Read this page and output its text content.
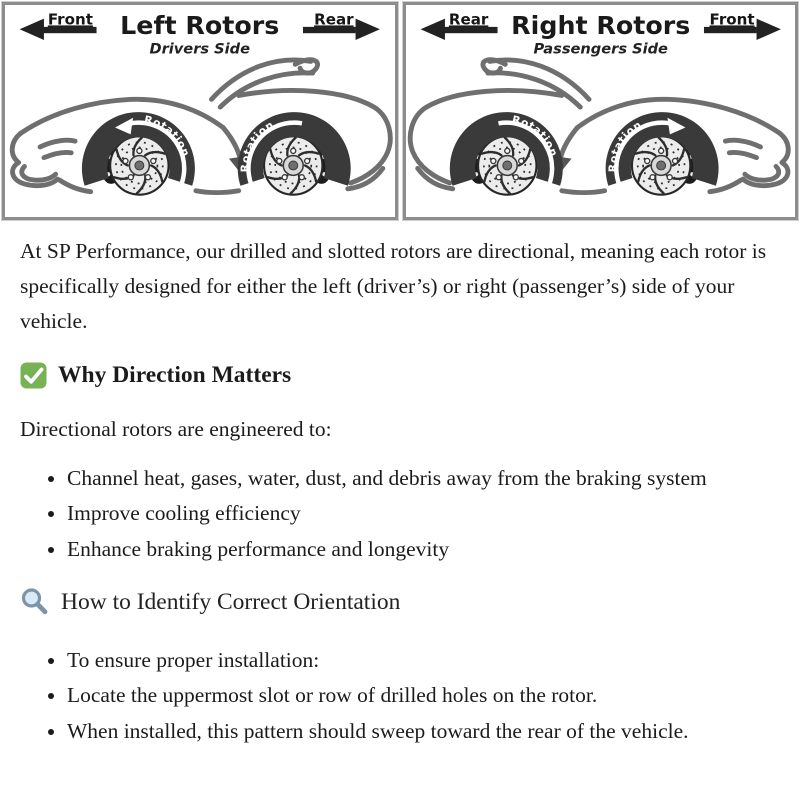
Rotation
Rotation
Front	Rear
Left Rotors
Drivers Side
Rotation
Rotation
Rear	Front
Right Rotors
Passengers Side

At SP Performance, our drilled and slotted rotors are directional, meaning each rotor is specifically designed for either the left (driver’s) or right (passenger’s) side of your vehicle.

Why Direction Matters

Directional rotors are engineered to:

• Channel heat, gases, water, dust, and debris away from the braking system
• Improve cooling efficiency
• Enhance braking performance and longevity
How to Identify Correct Orientation
• To ensure proper installation:
• Locate the uppermost slot or row of drilled holes on the rotor.
• When installed, this pattern should sweep toward the rear of the vehicle.
